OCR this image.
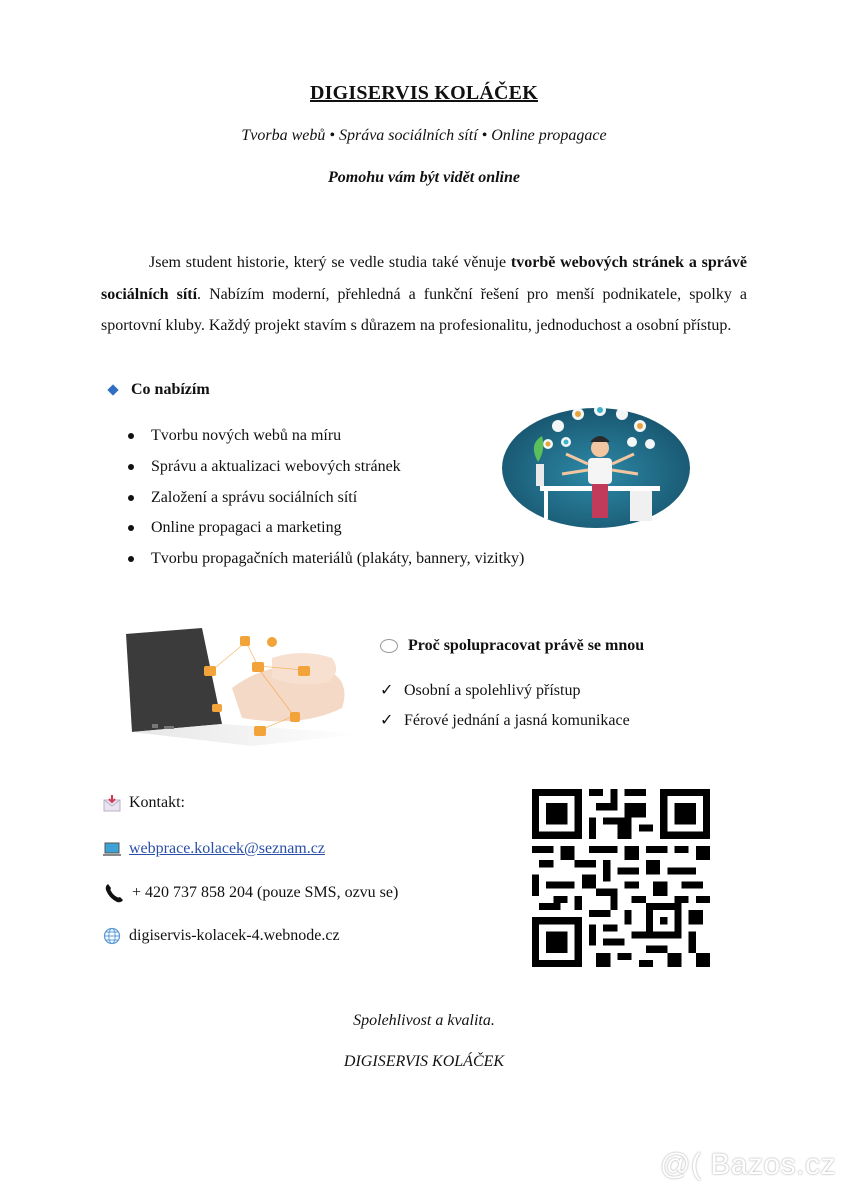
DIGISERVIS KOLÁČEK
Tvorba webů • Správa sociálních sítí • Online propagace
Pomohu vám být vidět online
Jsem student historie, který se vedle studia také věnuje tvorbě webových stránek a správě sociálních sítí. Nabízím moderní, přehledná a funkční řešení pro menší podnikatele, spolky a sportovní kluby. Každý projekt stavím s důrazem na profesionalitu, jednoduchost a osobní přístup.
Co nabízím
Tvorbu nových webů na míru
Správu a aktualizaci webových stránek
Založení a správu sociálních sítí
Online propagaci a marketing
Tvorbu propagačních materiálů (plakáty, bannery, vizitky)
Proč spolupracovat právě se mnou
✓ Osobní a spolehlivý přístup
✓ Férové jednání a jasná komunikace
Kontakt:
webprace.kolacek@seznam.cz
+ 420 737 858 204 (pouze SMS, ozvu se)
digiservis-kolacek-4.webnode.cz
Spolehlivost a kvalita.
DIGISERVIS KOLÁČEK
@( Bazos.cz
